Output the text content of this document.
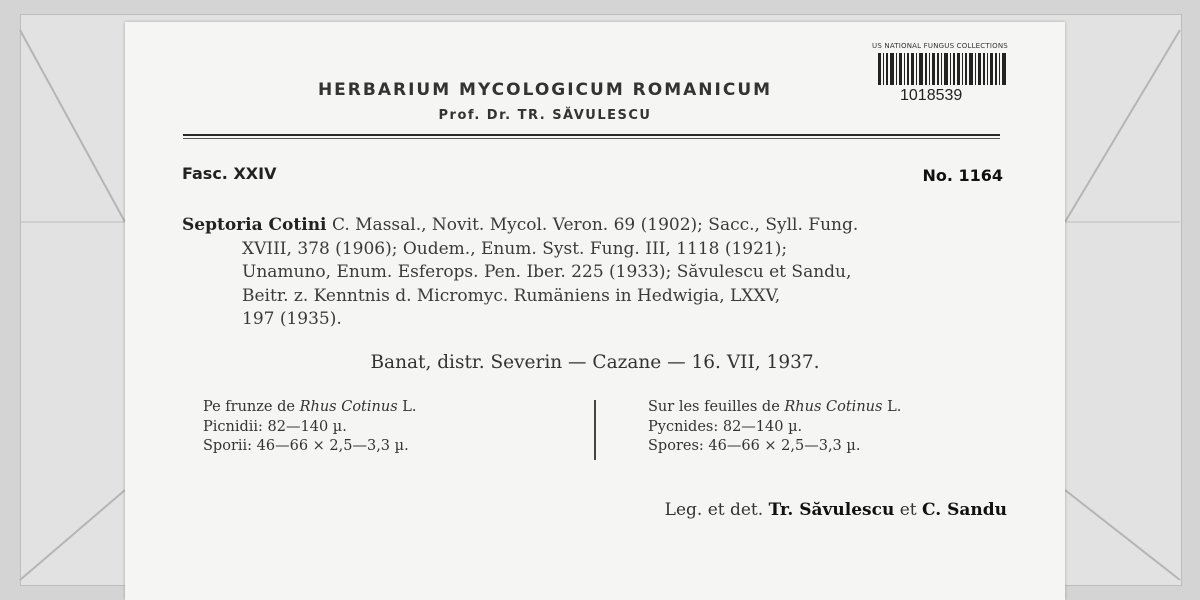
US NATIONAL FUNGUS COLLECTIONS
1018539
HERBARIUM MYCOLOGICUM ROMANICUM
Prof. Dr. TR. SĂVULESCU
Fasc. XXIV	No. 1164
Septoria Cotini C. Massal., Novit. Mycol. Veron. 69 (1902); Sacc., Syll. Fung.
XVIII, 378 (1906); Oudem., Enum. Syst. Fung. III, 1118 (1921);
Unamuno, Enum. Esferops. Pen. Iber. 225 (1933); Săvulescu et Sandu,
Beitr. z. Kenntnis d. Micromyc. Rumäniens in Hedwigia, LXXV,
197 (1935).
Banat, distr. Severin — Cazane — 16. VII, 1937.
Pe frunze de Rhus Cotinus L.
Picnidii: 82—140 µ.
Sporii: 46—66 × 2,5—3,3 µ.
Sur les feuilles de Rhus Cotinus L.
Pycnides: 82—140 µ.
Spores: 46—66 × 2,5—3,3 µ.
Leg. et det. Tr. Săvulescu et C. Sandu
